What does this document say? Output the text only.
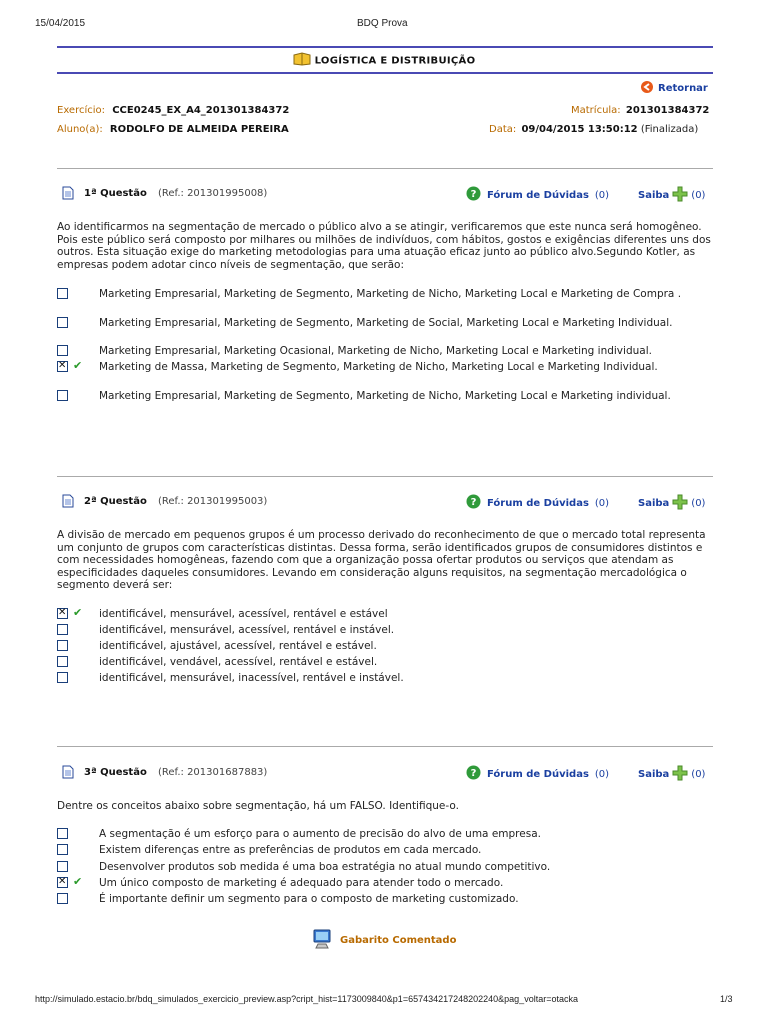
15/04/2015	BDQ Prova
LOGÍSTICA E DISTRIBUIÇÃO
Retornar
Exercício: CCE0245_EX_A4_201301384372
Aluno(a): RODOLFO DE ALMEIDA PEREIRA
Matrícula: 201301384372
Data: 09/04/2015 13:50:12 (Finalizada)
1ª Questão (Ref.: 201301995008)	? Fórum de Dúvidas (0)	Saiba (0)
Ao identificarmos na segmentação de mercado o público alvo a se atingir, verificaremos que este nunca será homogêneo. Pois este público será composto por milhares ou milhões de indivíduos, com hábitos, gostos e exigências diferentes uns dos outros. Esta situação exige do marketing metodologias para uma atuação eficaz junto ao público alvo.Segundo Kotler, as empresas podem adotar cinco níveis de segmentação, que serão:
Marketing Empresarial, Marketing de Segmento, Marketing de Nicho, Marketing Local e Marketing de Compra .
Marketing Empresarial, Marketing de Segmento, Marketing de Social, Marketing Local e Marketing Individual.
Marketing Empresarial, Marketing Ocasional, Marketing de Nicho, Marketing Local e Marketing individual.
✕
✔ Marketing de Massa, Marketing de Segmento, Marketing de Nicho, Marketing Local e Marketing Individual.
Marketing Empresarial, Marketing de Segmento, Marketing de Nicho, Marketing Local e Marketing individual.
2ª Questão (Ref.: 201301995003)	? Fórum de Dúvidas (0)	Saiba (0)
A divisão de mercado em pequenos grupos é um processo derivado do reconhecimento de que o mercado total representa um conjunto de grupos com características distintas. Dessa forma, serão identificados grupos de consumidores distintos e com necessidades homogêneas, fazendo com que a organização possa ofertar produtos ou serviços que atendam as especificidades daqueles consumidores. Levando em consideração alguns requisitos, na segmentação mercadológica o segmento deverá ser:
✕
✔ identificável, mensurável, acessível, rentável e estável
identificável, mensurável, acessível, rentável e instável.
identificável, ajustável, acessível, rentável e estável.
identificável, vendável, acessível, rentável e estável.
identificável, mensurável, inacessível, rentável e instável.
3ª Questão (Ref.: 201301687883)	? Fórum de Dúvidas (0)	Saiba (0)
Dentre os conceitos abaixo sobre segmentação, há um FALSO. Identifique-o.
A segmentação é um esforço para o aumento de precisão do alvo de uma empresa.
Existem diferenças entre as preferências de produtos em cada mercado.
Desenvolver produtos sob medida é uma boa estratégia no atual mundo competitivo.
✕
✔ Um único composto de marketing é adequado para atender todo o mercado.
É importante definir um segmento para o composto de marketing customizado.
Gabarito Comentado
http://simulado.estacio.br/bdq_simulados_exercicio_preview.asp?cript_hist=1173009840&p1=657434217248202240&pag_voltar=otacka	1/3
